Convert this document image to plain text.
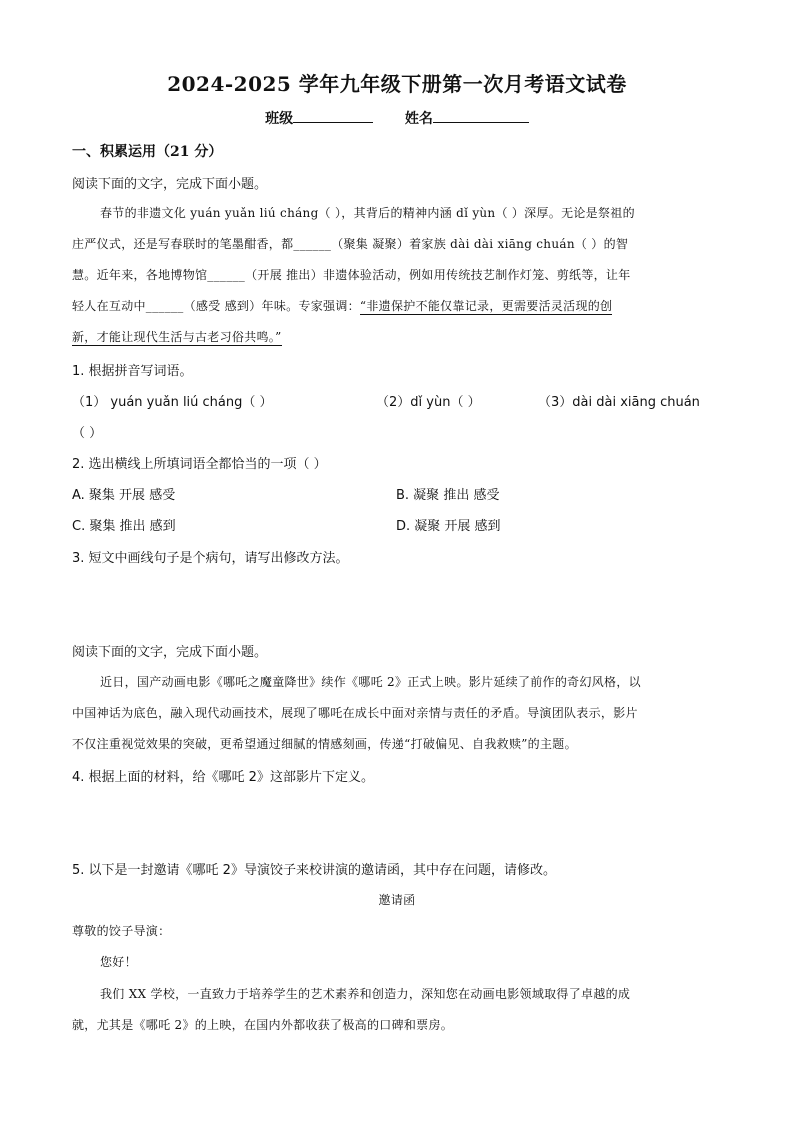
2024-2025 学年九年级下册第一次月考语文试卷
班级	姓名
一、积累运用（21 分）
阅读下面的文字，完成下面小题。
春节的非遗文化 yuán yuǎn liú cháng（ ），其背后的精神内涵 dǐ yùn（ ）深厚。无论是祭祖的
庄严仪式，还是写春联时的笔墨酣香，都______（聚集 凝聚）着家族 dài dài xiāng chuán（ ）的智
慧。近年来，各地博物馆______（开展 推出）非遗体验活动，例如用传统技艺制作灯笼、剪纸等，让年
轻人在互动中______（感受 感到）年味。专家强调：“非遗保护不能仅靠记录，更需要活灵活现的创
新，才能让现代生活与古老习俗共鸣。”
1. 根据拼音写词语。
（1） yuán yuǎn liú cháng（ ）	（2）dǐ yùn（ ）	（3）dài dài xiāng chuán
（ ）
2. 选出横线上所填词语全都恰当的一项（ ）
A. 聚集 开展 感受	B. 凝聚 推出 感受
C. 聚集 推出 感到	D. 凝聚 开展 感到
3. 短文中画线句子是个病句，请写出修改方法。
阅读下面的文字，完成下面小题。
近日，国产动画电影《哪吒之魔童降世》续作《哪吒 2》正式上映。影片延续了前作的奇幻风格，以
中国神话为底色，融入现代动画技术，展现了哪吒在成长中面对亲情与责任的矛盾。导演团队表示，影片
不仅注重视觉效果的突破，更希望通过细腻的情感刻画，传递“打破偏见、自我救赎”的主题。
4. 根据上面的材料，给《哪吒 2》这部影片下定义。
5. 以下是一封邀请《哪吒 2》导演饺子来校讲演的邀请函，其中存在问题，请修改。
邀请函
尊敬的饺子导演：
您好！
我们 XX 学校，一直致力于培养学生的艺术素养和创造力，深知您在动画电影领域取得了卓越的成
就，尤其是《哪吒 2》的上映，在国内外都收获了极高的口碑和票房。
